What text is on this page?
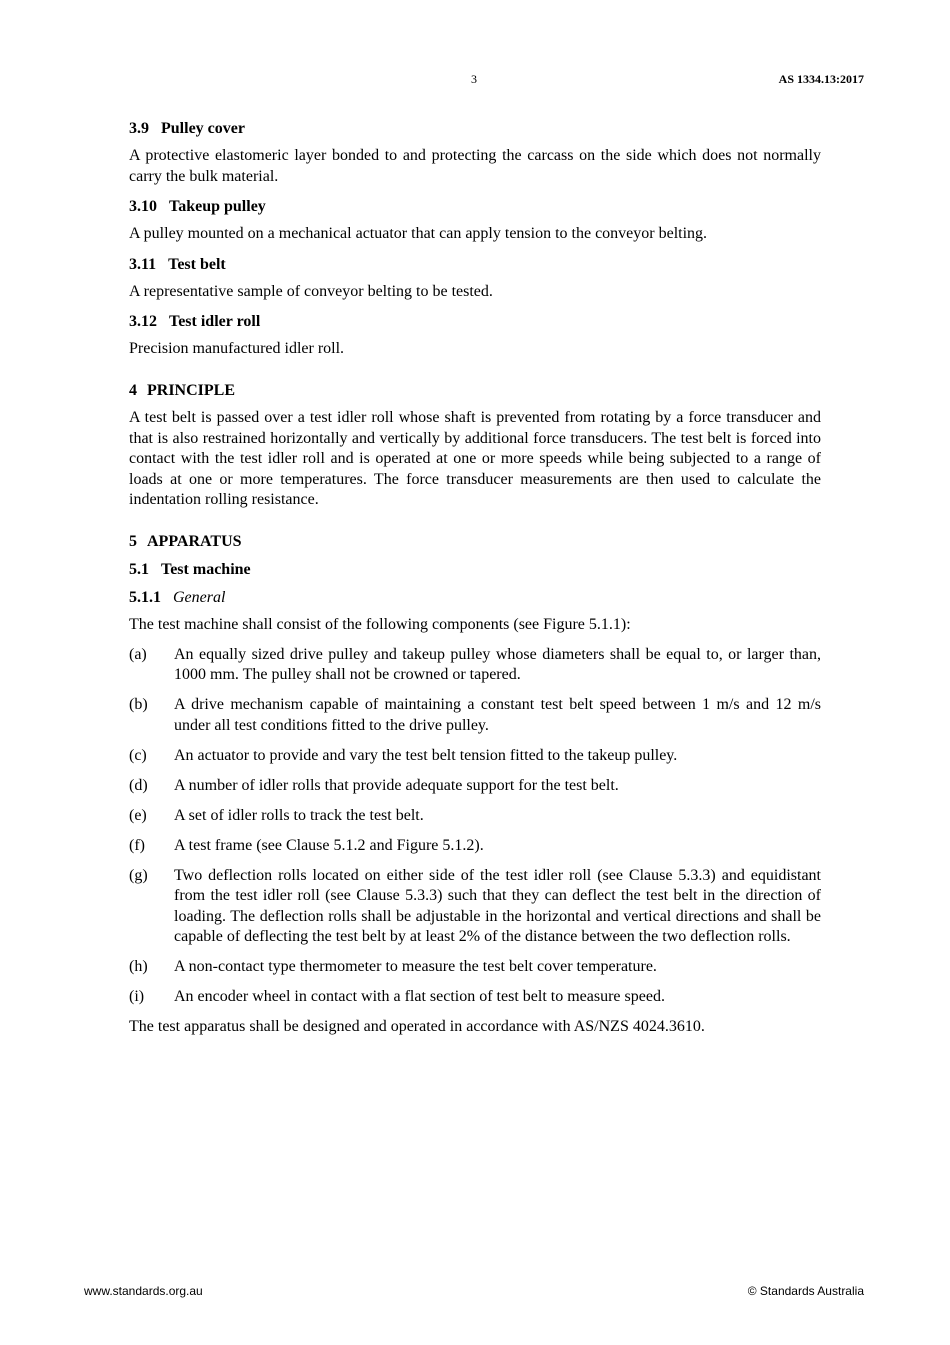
3	AS 1334.13:2017
3.9 Pulley cover

A protective elastomeric layer bonded to and protecting the carcass on the side which does not normally carry the bulk material.

3.10 Takeup pulley

A pulley mounted on a mechanical actuator that can apply tension to the conveyor belting.

3.11 Test belt

A representative sample of conveyor belting to be tested.

3.12 Test idler roll

Precision manufactured idler roll.

4 PRINCIPLE

A test belt is passed over a test idler roll whose shaft is prevented from rotating by a force transducer and that is also restrained horizontally and vertically by additional force transducers. The test belt is forced into contact with the test idler roll and is operated at one or more speeds while being subjected to a range of loads at one or more temperatures. The force transducer measurements are then used to calculate the indentation rolling resistance.

5 APPARATUS
5.1 Test machine
5.1.1 General

The test machine shall consist of the following components (see Figure 5.1.1):

(a)	An equally sized drive pulley and takeup pulley whose diameters shall be equal to, or larger than, 1000 mm. The pulley shall not be crowned or tapered.
(b)	A drive mechanism capable of maintaining a constant test belt speed between 1 m/s and 12 m/s under all test conditions fitted to the drive pulley.
(c)	An actuator to provide and vary the test belt tension fitted to the takeup pulley.
(d)	A number of idler rolls that provide adequate support for the test belt.
(e)	A set of idler rolls to track the test belt.
(f)	A test frame (see Clause 5.1.2 and Figure 5.1.2).
(g)	Two deflection rolls located on either side of the test idler roll (see Clause 5.3.3) and equidistant from the test idler roll (see Clause 5.3.3) such that they can deflect the test belt in the direction of loading. The deflection rolls shall be adjustable in the horizontal and vertical directions and shall be capable of deflecting the test belt by at least 2% of the distance between the two deflection rolls.
(h)	A non-contact type thermometer to measure the test belt cover temperature.
(i)	An encoder wheel in contact with a flat section of test belt to measure speed.

The test apparatus shall be designed and operated in accordance with AS/NZS 4024.3610.

www.standards.org.au	© Standards Australia
